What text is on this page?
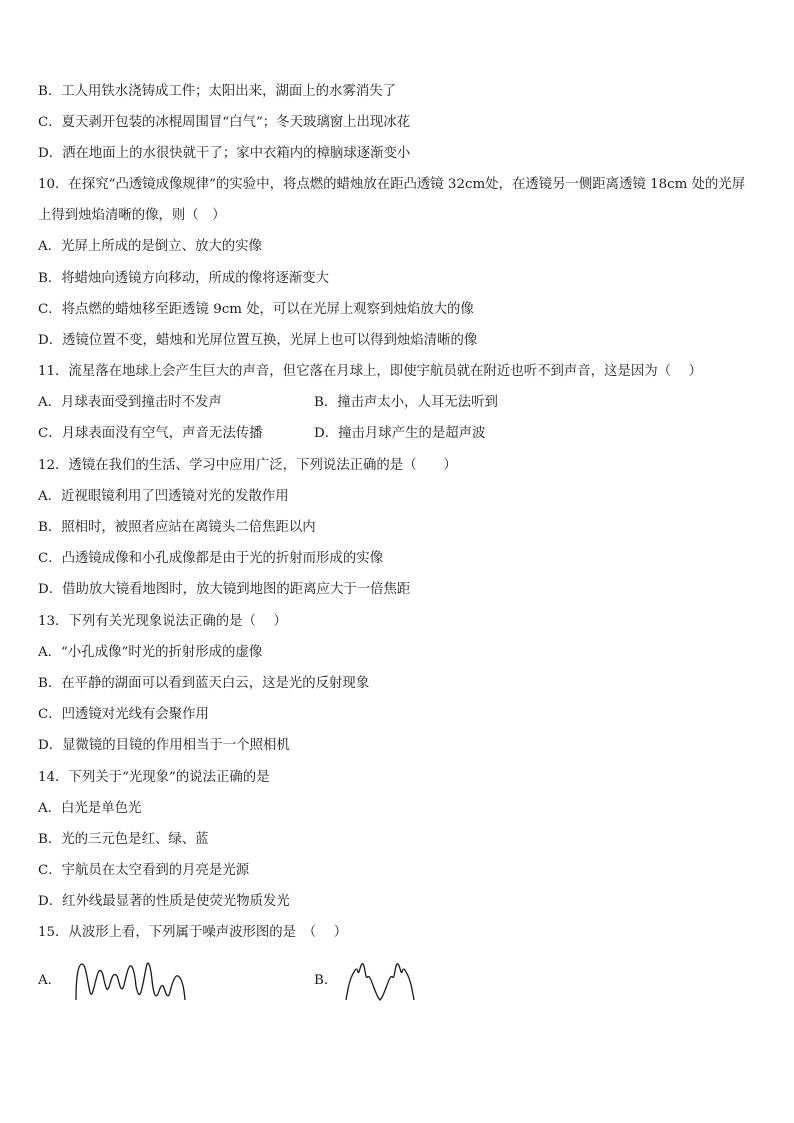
B．工人用铁水浇铸成工件；太阳出来，湖面上的水雾消失了
C．夏天剥开包装的冰棍周围冒“白气”；冬天玻璃窗上出现冰花
D．洒在地面上的水很快就干了；家中衣箱内的樟脑球逐渐变小
10．在探究“凸透镜成像规律”的实验中，将点燃的蜡烛放在距凸透镜 32cm处，在透镜另一侧距离透镜 18cm 处的光屏
上得到烛焰清晰的像，则（　）
A．光屏上所成的是倒立、放大的实像
B．将蜡烛向透镜方向移动，所成的像将逐渐变大
C．将点燃的蜡烛移至距透镜 9cm 处，可以在光屏上观察到烛焰放大的像
D．透镜位置不变，蜡烛和光屏位置互换，光屏上也可以得到烛焰清晰的像
11．流星落在地球上会产生巨大的声音，但它落在月球上，即使宇航员就在附近也听不到声音，这是因为（　 ）
A．月球表面受到撞击时不发声	B．撞击声太小，人耳无法听到
C．月球表面没有空气，声音无法传播	D．撞击月球产生的是超声波
12．透镜在我们的生活、学习中应用广泛，下列说法正确的是（　　）
A．近视眼镜利用了凹透镜对光的发散作用
B．照相时，被照者应站在离镜头二倍焦距以内
C．凸透镜成像和小孔成像都是由于光的折射而形成的实像
D．借助放大镜看地图时，放大镜到地图的距离应大于一倍焦距
13．下列有关光现象说法正确的是（　 ）
A．“小孔成像”时光的折射形成的虚像
B．在平静的湖面可以看到蓝天白云，这是光的反射现象
C．凹透镜对光线有会聚作用
D．显微镜的目镜的作用相当于一个照相机
14．下列关于“光现象”的说法正确的是
A．白光是单色光
B．光的三元色是红、绿、蓝
C．宇航员在太空看到的月亮是光源
D．红外线最显著的性质是使荧光物质发光
15．从波形上看，下列属于噪声波形图的是　（　 ）
A．	B．
